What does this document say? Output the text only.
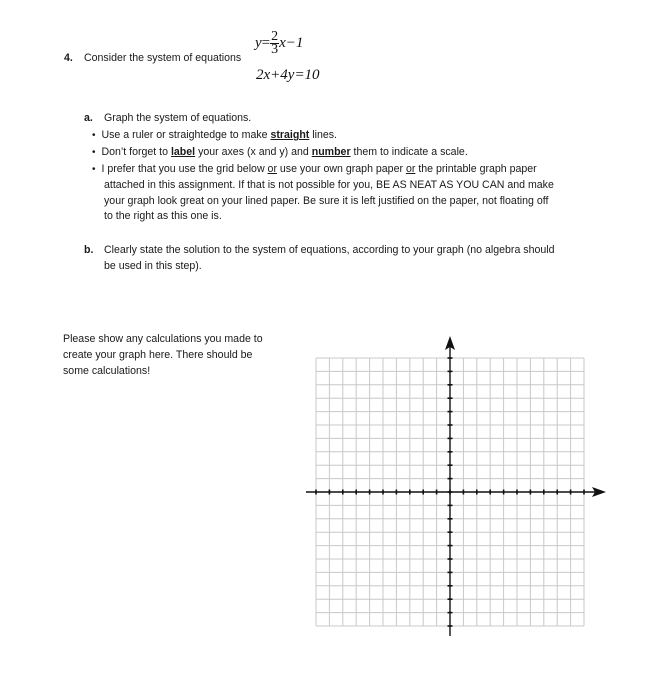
4. Consider the system of equations
$y= \frac{2}{3} x-1$
2x+4y=10
a. Graph the system of equations.
• Use a ruler or straightedge to make straight lines.
• Don’t forget to label your axes (x and y) and number them to indicate a scale.
• I prefer that you use the grid below or use your own graph paper or the printable graph paper
attached in this assignment. If that is not possible for you, BE AS NEAT AS YOU CAN and make
your graph look great on your lined paper. Be sure it is left justified on the paper, not floating off
to the right as this one is.
b. Clearly state the solution to the system of equations, according to your graph (no algebra should
be used in this step).
Please show any calculations you made to
create your graph here. There should be
some calculations!
